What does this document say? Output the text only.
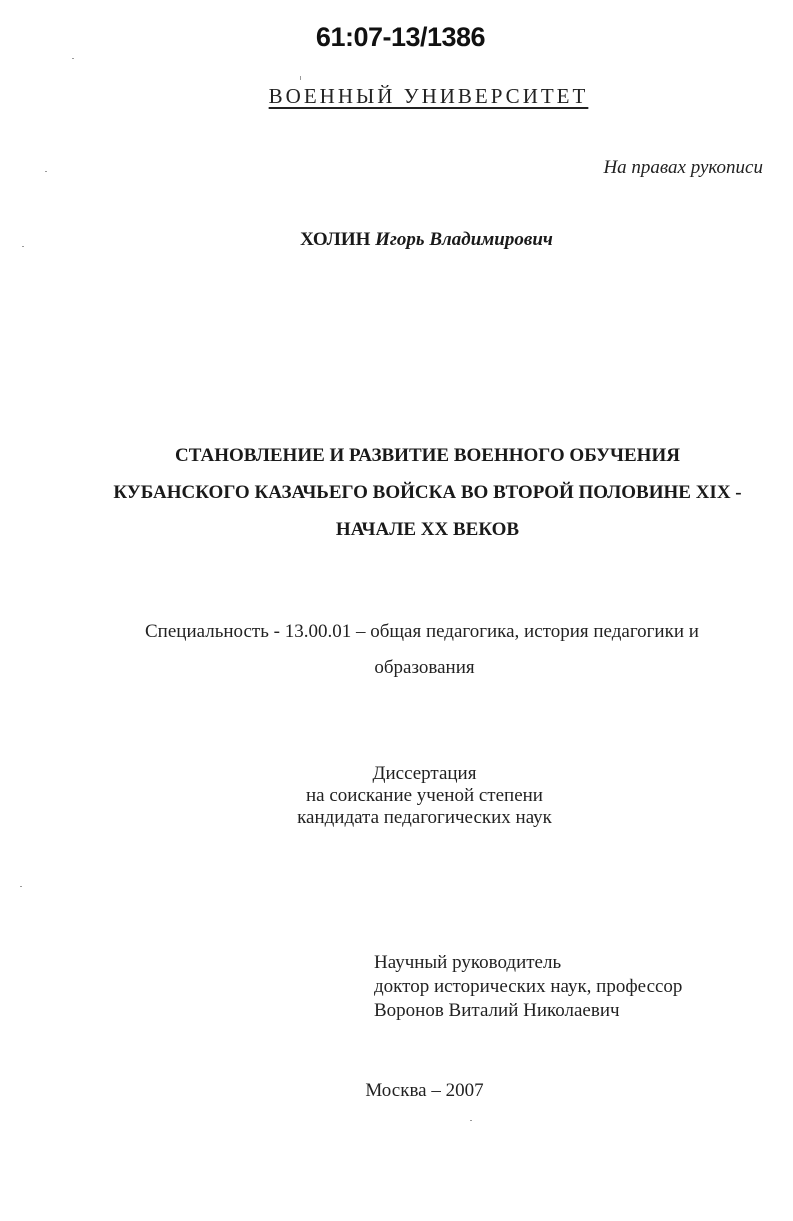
61:07-13/1386
ВОЕННЫЙ УНИВЕРСИТЕТ
На правах рукописи
ХОЛИН Игорь Владимирович
СТАНОВЛЕНИЕ И РАЗВИТИЕ ВОЕННОГО ОБУЧЕНИЯ
КУБАНСКОГО КАЗАЧЬЕГО ВОЙСКА ВО ВТОРОЙ ПОЛОВИНЕ XIX -
НАЧАЛЕ XX ВЕКОВ
Специальность - 13.00.01 – общая педагогика, история педагогики и
образования
Диссертация
на соискание ученой степени
кандидата педагогических наук
Научный руководитель
доктор исторических наук, профессор
Воронов Виталий Николаевич
Москва – 2007
